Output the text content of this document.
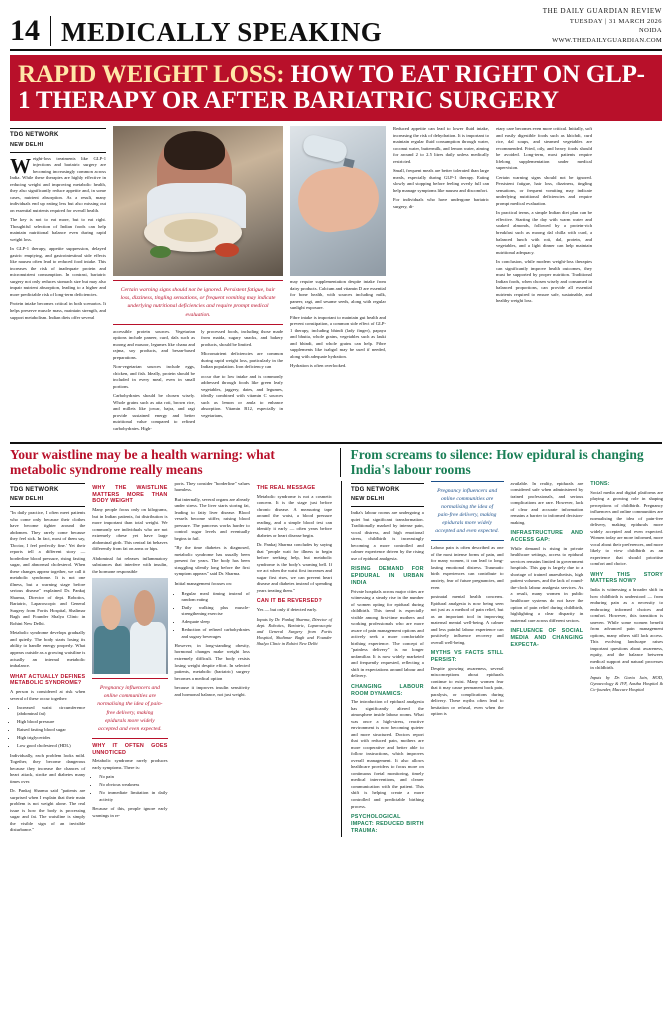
14 MEDICALLY SPEAKING
THE DAILY GUARDIAN REVIEW
TUESDAY | 31 MARCH 2026
NOIDA
WWW.THEDAILYGUARDIAN.COM
RAPID WEIGHT LOSS: HOW TO EAT RIGHT ON GLP-1 THERAPY OR AFTER BARIATRIC SURGERY
TDG NETWORK
NEW DELHI

Weight-loss treatments like GLP-1 injections and bariatric surgery are becoming increasingly common across India. While these therapies are highly effective in reducing weight and improving metabolic health, they also significantly reduce appetite and, in some cases, nutrient absorption. As a result, many individuals end up eating less but also missing out on essential nutrients required for overall health.

The key is not to eat more, but to eat right. Thoughtful selection of Indian foods can help maintain nutritional balance even during rapid weight loss.

In GLP-1 therapy, appetite suppression, delayed gastric emptying, and gastrointestinal side effects like nausea often lead to reduced food intake. This increases the risk of inadequate protein and micronutrient consumption. In contrast, bariatric surgery not only reduces stomach size but may also impair nutrient absorption, leading to a higher and more predictable risk of long-term deficiencies.

Protein intake becomes critical in both scenarios. It helps preserve muscle mass, maintain strength, and support metabolism. Indian diets offer several

Certain warning signs should not be ignored. Persistent fatigue, hair loss, dizziness, tingling sensations, or frequent vomiting may indicate underlying nutritional deficiencies and require prompt medical evaluation.

accessible protein sources. Vegetarian options include paneer, curd, dals such as moong and masoor, legumes like chana and rajma, soy products, and besan-based preparations.

Non-vegetarian sources include eggs, chicken, and fish. Ideally, protein should be included in every meal, even in small portions.

Carbohydrates should be chosen wisely. Whole grains such as atta roti, brown rice, and millets like jowar, bajra, and ragi provide sustained energy and better nutritional value compared to refined carbohydrates. High-

ly processed foods, including those made from maida, sugary snacks, and bakery products, should be limited.

Micronutrient deficiencies are common during rapid weight loss, particularly in the Indian population. Iron deficiency can

occur due to low intake and is commonly addressed through foods like green leafy vegetables, jaggery, dates, and legumes, ideally combined with vitamin C sources such as lemon or amla to enhance absorption. Vitamin B12, especially in vegetarians,

may require supplementation despite intake from dairy products. Calcium and vitamin D are essential for bone health, with sources including milk, paneer, ragi, and sesame seeds, along with regular sunlight exposure.

Fibre intake is important to maintain gut health and prevent constipation, a common side effect of GLP-1 therapy, including bhindi (lady finger), papaya and bhutta, whole grains, vegetables such as lauki and bhindi, and whole grains can help. Fibre supplements like isabgol may be used if needed, along with adequate hydration.

Hydration is often overlooked.

Reduced appetite can lead to lower fluid intake, increasing the risk of dehydration. It is important to maintain regular fluid consumption through water, coconut water, buttermilk, and lemon water, aiming for around 2 to 2.5 litres daily unless medically restricted.

Small, frequent meals are better tolerated than large meals, especially during GLP-1 therapy. Eating slowly and stopping before feeling overly full can help manage symptoms like nausea and discomfort.

For individuals who have undergone bariatric surgery, di-

etary care becomes even more critical. Initially, soft and easily digestible foods such as khichdi, curd rice, dal soups, and steamed vegetables are recommended. Fried, oily, and heavy foods should be avoided. Long-term, most patients require lifelong supplementation under medical supervision.

Certain warning signs should not be ignored. Persistent fatigue, hair loss, dizziness, tingling sensations, or frequent vomiting may indicate underlying nutritional deficiencies and require prompt medical evaluation.

In practical terms, a simple Indian diet plan can be effective. Starting the day with warm water and soaked almonds, followed by a protein-rich breakfast such as moong dal chilla with curd, a balanced lunch with roti, dal, protein, and vegetables, and a light dinner can help maintain nutritional adequacy.

In conclusion, while modern weight-loss therapies can significantly improve health outcomes, they must be supported by proper nutrition. Traditional Indian foods, when chosen wisely and consumed in balanced proportions, can provide all essential nutrients required to ensure safe, sustainable, and healthy weight loss.

Your waistline may be a health warning: what metabolic syndrome really means
From screams to silence: How epidural is changing India's labour rooms
TDG NETWORK
NEW DELHI

"In daily practice, I often meet patients who come only because their clothes have become tighter around the abdomen. They rarely come because they feel sick. In fact, most of them say, 'Doctor, I feel perfectly fine.' Yet their reports tell a different story — borderline blood pressure, rising fasting sugar, and abnormal cholesterol. When these changes appear together, we call it metabolic syndrome. It is not one illness, but a warning stage before serious disease" explained Dr. Pankaj Sharma, Director of dept. Robotics, Bariatric, Laparoscopic and General Surgery from Fortis Hospital, Shalimar Bagh and Founder Shalya Clinic in Rohini New Delhi.

Metabolic syndrome develops gradually and quietly. The body starts losing its ability to handle energy properly. What appears outside as a growing waistline is actually an internal metabolic imbalance.

WHAT ACTUALLY DEFINES METABOLIC SYNDROME?

A person is considered at risk when several of these occur together:

• Increased waist circumference (abdominal fat)
• High blood pressure
• Raised fasting blood sugar
• High triglycerides
• Low good cholesterol (HDL)

Individually, each problem looks mild. Together, they become dangerous because they increase the chances of heart attack, stroke and diabetes many times over.

Dr. Pankaj Sharma said "patients are surprised when I explain that their main problem is not weight alone. The real issue is how the body is processing sugar and fat. The waistline is simply the visible sign of an invisible disturbance."

WHY THE WAISTLINE MATTERS MORE THAN BODY WEIGHT

Many people focus only on kilograms, but in Indian patients, fat distribution is more important than total weight. We commonly see individuals who are not extremely obese yet have large abdominal girth. This central fat behaves differently from fat on arms or hips.

Abdominal fat releases inflammatory substances that interfere with insulin, the hormone responsible

Pregnancy influencers and online communities are normalising the idea of pain-free delivery, making epidurals more widely accepted and even expected.
WHY IT OFTEN GOES UNNOTICED

Metabolic syndrome rarely produces early symptoms. There is:

• No pain
• No obvious weakness
• No immediate limitation in daily activity

Because of this, people ignore early warnings in re-

ports. They consider "borderline" values harmless.

But internally, several organs are already under stress. The liver starts storing fat, leading to fatty liver disease. Blood vessels become stiffer, raising blood pressure. The pancreas works harder to control sugar levels and eventually begins to fail.

"By the time diabetes is diagnosed, metabolic syndrome has usually been present for years. The body has been struggling silently long before the first symptom appears" said Dr. Sharma.

Initial management focuses on:

• Regular meal timing instead of random eating
• Daily walking plus muscle-strengthening exercise
• Adequate sleep
• Reduction of refined carbohydrates and sugary beverages

However, in long-standing obesity, hormonal changes make weight loss extremely difficult. The body resists losing weight despite effort. In selected patients, metabolic (bariatric) surgery becomes a medical option

because it improves insulin sensitivity and hormonal balance, not just weight.

THE REAL MESSAGE

Metabolic syndrome is not a cosmetic concern. It is the stage just before chronic disease. A measuring tape around the waist, a blood pressure reading, and a simple blood test can identify it early — often years before diabetes or heart disease begin.

Dr. Pankaj Sharma concludes by saying that "people wait for illness to begin before seeking help, but metabolic syndrome is the body's warning bell. If we act when the waist first increases and sugar first rises, we can prevent heart disease and diabetes instead of spending years treating them."

CAN IT BE REVERSED?

Yes — but only if detected early.

Inputs by Dr. Pankaj Sharma, Director of dept. Robotics, Bariatric, Laparoscopic and General Surgery from Fortis Hospital, Shalimar Bagh and Founder Shalya Clinic in Rohini New Delhi

TDG NETWORK
NEW DELHI

India's labour rooms are undergoing a quiet but significant transformation. Traditionally marked by intense pain, vocal distress, and high emotional stress, childbirth is increasingly becoming a more controlled and calmer experience driven by the rising use of epidural analgesia.

RISING DEMAND FOR EPIDURAL IN URBAN INDIA

Private hospitals across major cities are witnessing a steady rise in the number of women opting for epidural during childbirth. This trend is especially visible among first-time mothers and working professionals who are more aware of pain management options and actively seek a more comfortable birthing experience. The concept of "painless delivery" is no longer unfamiliar. It is now widely marketed and frequently requested, reflecting a shift in expectations around labour and delivery.

CHANGING LABOUR ROOM DYNAMICS:

The introduction of epidural analgesia has significantly altered the atmosphere inside labour rooms. What was once a high-stress, reactive environment is now becoming quieter and more structured. Doctors report that with reduced pain, mothers are more cooperative and better able to follow instructions, which improves overall management. It also allows healthcare providers to focus more on continuous foetal monitoring, timely medical interventions, and clearer communication with the patient. This shift is helping create a more controlled and predictable birthing process.

PSYCHOLOGICAL IMPACT: REDUCED BIRTH TRAUMA:
Pregnancy influencers and online communities are normalising the idea of pain-free delivery, making epidurals more widely accepted and even expected.

Labour pain is often described as one of the most intense forms of pain, and for many women, it can lead to long-lasting emotional distress. Traumatic birth experiences can contribute to anxiety, fear of future pregnancies, and even

postnatal mental health concerns. Epidural analgesia is now being seen not just as a method of pain relief, but as an important tool in improving maternal mental well-being. A calmer and less painful labour experience can positively influence recovery and overall well-being.

MYTHS VS FACTS STILL PERSIST:

Despite growing awareness, several misconceptions about epidurals continue to exist. Many women fear that it may cause permanent back pain, paralysis, or complications during delivery. These myths often lead to hesitation or refusal, even when the option is

available. In reality, epidurals are considered safe when administered by trained professionals, and serious complications are rare. However, lack of clear and accurate information remains a barrier to informed decision-making.

INFRASTRUCTURE AND ACCESS GAP:

While demand is rising in private healthcare settings, access to epidural services remains limited in government hospitals. This gap is largely due to a shortage of trained anaesthetists, high patient volumes, and the lack of round-the-clock labour analgesia services. As a result, many women in public healthcare systems do not have the option of pain relief during childbirth, highlighting a clear disparity in maternal care across different sectors.

INFLUENCE OF SOCIAL MEDIA AND CHANGING EXPECTA-
TIONS:

Social media and digital platforms are playing a growing role in shaping perceptions of childbirth. Pregnancy influencers and online communities are normalising the idea of pain-free delivery, making epidurals more widely accepted and even expected. Women today are more informed, more vocal about their preferences, and more likely to view childbirth as an experience that should prioritise comfort and choice.

WHY THIS STORY MATTERS NOW?

India is witnessing a broader shift in how childbirth is understood — from enduring pain as a necessity to embracing informed choices and comfort. However, this transition is uneven. While some women benefit from advanced pain management options, many others still lack access. This evolving landscape raises important questions about awareness, equity, and the balance between medical support and natural processes in childbirth.

Inputs by Dr. Garia Jain, HOD, Gynaecology & IVF, Aastha Hospital & Co-founder, Maccure Hospital
